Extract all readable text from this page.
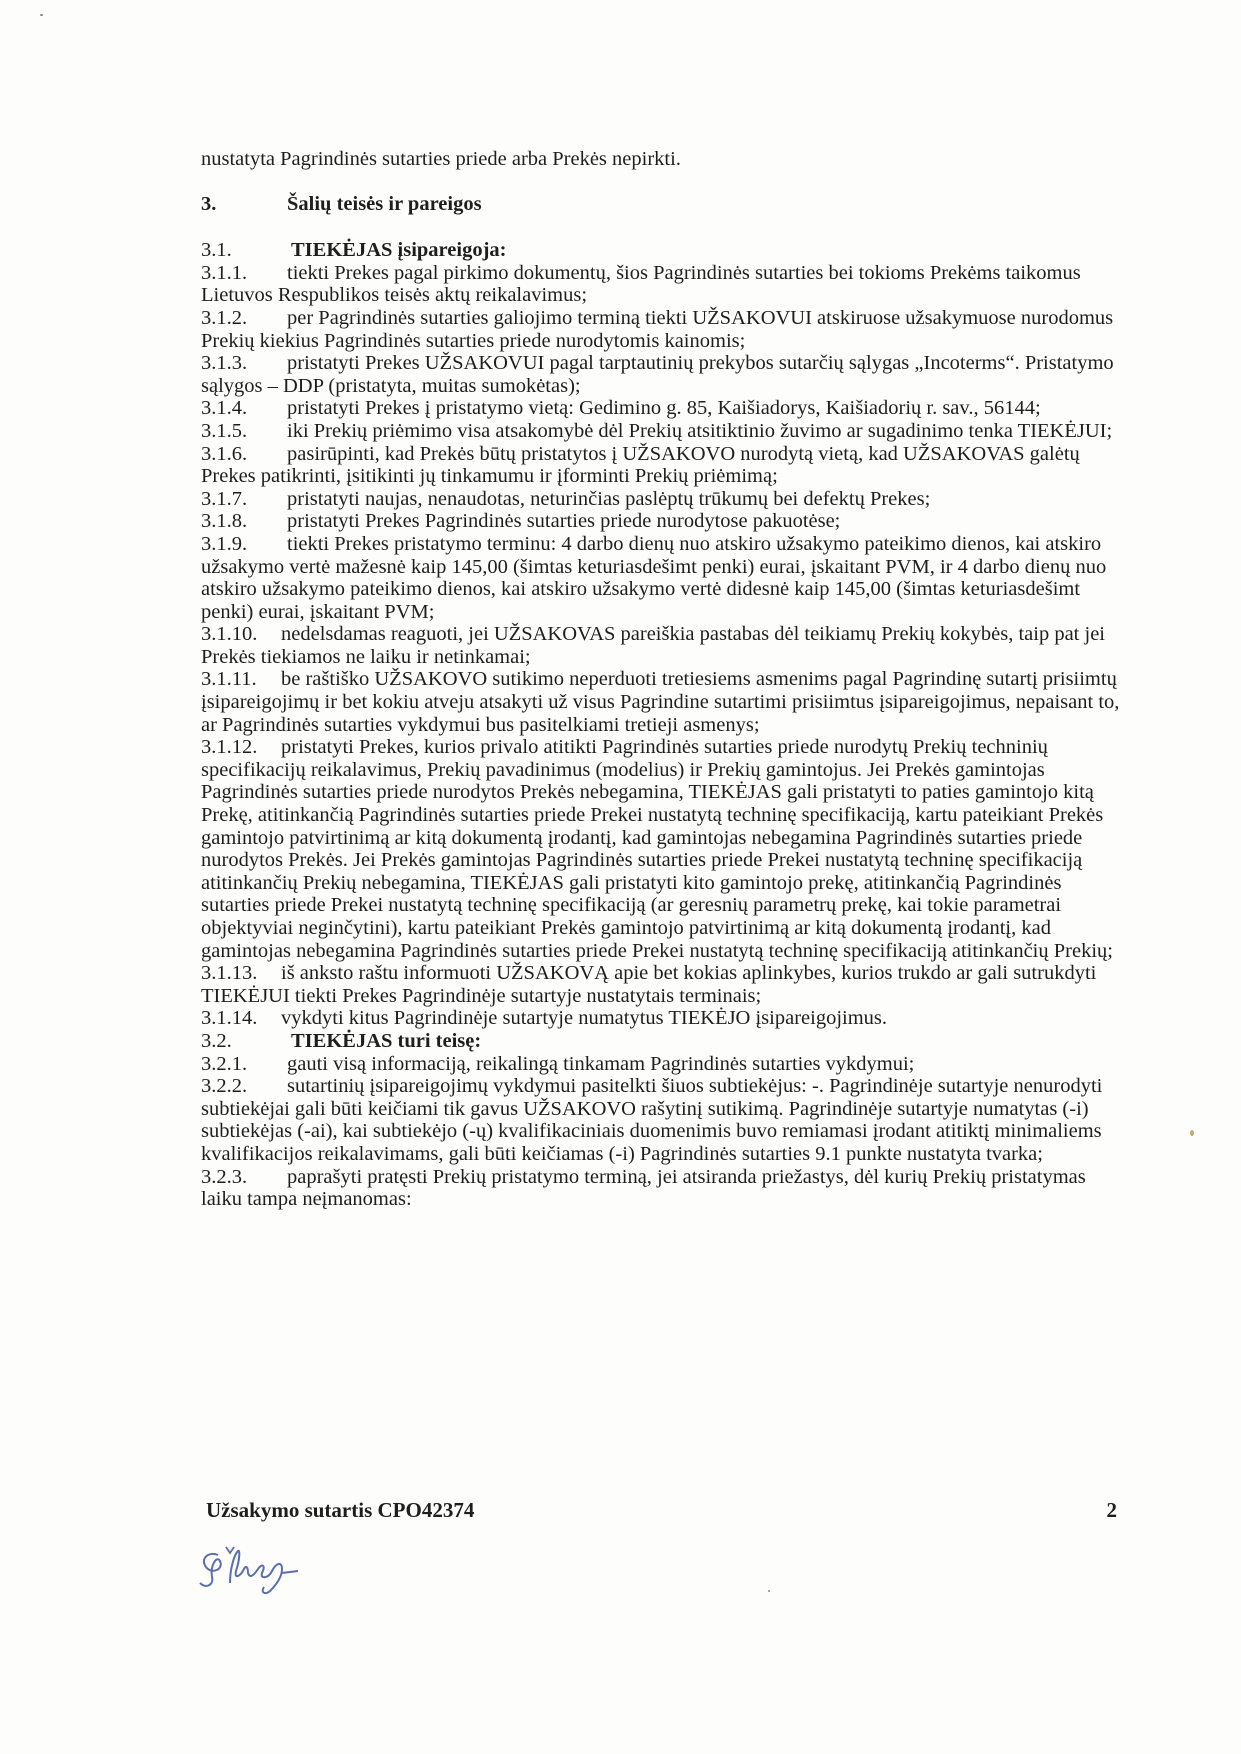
nustatyta Pagrindinės sutarties priede arba Prekės nepirkti.

3.	Šalių teisės ir pareigos
3.1.	TIEKĖJAS įsipareigoja:

3.1.1. tiekti Prekes pagal pirkimo dokumentų, šios Pagrindinės sutarties bei tokioms Prekėms taikomus Lietuvos Respublikos teisės aktų reikalavimus;

3.1.2. per Pagrindinės sutarties galiojimo terminą tiekti UŽSAKOVUI atskiruose užsakymuose nurodomus Prekių kiekius Pagrindinės sutarties priede nurodytomis kainomis;

3.1.3. pristatyti Prekes UŽSAKOVUI pagal tarptautinių prekybos sutarčių sąlygas „Incoterms“. Pristatymo sąlygos – DDP (pristatyta, muitas sumokėtas);

3.1.4. pristatyti Prekes į pristatymo vietą: Gedimino g. 85, Kaišiadorys, Kaišiadorių r. sav., 56144;

3.1.5. iki Prekių priėmimo visa atsakomybė dėl Prekių atsitiktinio žuvimo ar sugadinimo tenka TIEKĖJUI;

3.1.6. pasirūpinti, kad Prekės būtų pristatytos į UŽSAKOVO nurodytą vietą, kad UŽSAKOVAS galėtų Prekes patikrinti, įsitikinti jų tinkamumu ir įforminti Prekių priėmimą;

3.1.7. pristatyti naujas, nenaudotas, neturinčias paslėptų trūkumų bei defektų Prekes;

3.1.8. pristatyti Prekes Pagrindinės sutarties priede nurodytose pakuotėse;

3.1.9. tiekti Prekes pristatymo terminu: 4 darbo dienų nuo atskiro užsakymo pateikimo dienos, kai atskiro užsakymo vertė mažesnė kaip 145,00 (šimtas keturiasdešimt penki) eurai, įskaitant PVM, ir 4 darbo dienų nuo atskiro užsakymo pateikimo dienos, kai atskiro užsakymo vertė didesnė kaip 145,00 (šimtas keturiasdešimt penki) eurai, įskaitant PVM;

3.1.10. nedelsdamas reaguoti, jei UŽSAKOVAS pareiškia pastabas dėl teikiamų Prekių kokybės, taip pat jei Prekės tiekiamos ne laiku ir netinkamai;

3.1.11. be raštiško UŽSAKOVO sutikimo neperduoti tretiesiems asmenims pagal Pagrindinę sutartį prisiimtų įsipareigojimų ir bet kokiu atveju atsakyti už visus Pagrindine sutartimi prisiimtus įsipareigojimus, nepaisant to, ar Pagrindinės sutarties vykdymui bus pasitelkiami tretieji asmenys;

3.1.12. pristatyti Prekes, kurios privalo atitikti Pagrindinės sutarties priede nurodytų Prekių techninių specifikacijų reikalavimus, Prekių pavadinimus (modelius) ir Prekių gamintojus. Jei Prekės gamintojas Pagrindinės sutarties priede nurodytos Prekės nebegamina, TIEKĖJAS gali pristatyti to paties gamintojo kitą Prekę, atitinkančią Pagrindinės sutarties priede Prekei nustatytą techninę specifikaciją, kartu pateikiant Prekės gamintojo patvirtinimą ar kitą dokumentą įrodantį, kad gamintojas nebegamina Pagrindinės sutarties priede nurodytos Prekės. Jei Prekės gamintojas Pagrindinės sutarties priede Prekei nustatytą techninę specifikaciją atitinkančių Prekių nebegamina, TIEKĖJAS gali pristatyti kito gamintojo prekę, atitinkančią Pagrindinės sutarties priede Prekei nustatytą techninę specifikaciją (ar geresnių parametrų prekę, kai tokie parametrai objektyviai neginčytini), kartu pateikiant Prekės gamintojo patvirtinimą ar kitą dokumentą įrodantį, kad gamintojas nebegamina Pagrindinės sutarties priede Prekei nustatytą techninę specifikaciją atitinkančių Prekių;

3.1.13. iš anksto raštu informuoti UŽSAKOVĄ apie bet kokias aplinkybes, kurios trukdo ar gali sutrukdyti TIEKĖJUI tiekti Prekes Pagrindinėje sutartyje nustatytais terminais;

3.1.14. vykdyti kitus Pagrindinėje sutartyje numatytus TIEKĖJO įsipareigojimus.

3.2.	TIEKĖJAS turi teisę:

3.2.1. gauti visą informaciją, reikalingą tinkamam Pagrindinės sutarties vykdymui;

3.2.2. sutartinių įsipareigojimų vykdymui pasitelkti šiuos subtiekėjus: -. Pagrindinėje sutartyje nenurodyti subtiekėjai gali būti keičiami tik gavus UŽSAKOVO rašytinį sutikimą. Pagrindinėje sutartyje numatytas (-i) subtiekėjas (-ai), kai subtiekėjo (-ų) kvalifikaciniais duomenimis buvo remiamasi įrodant atitiktį minimaliems kvalifikacijos reikalavimams, gali būti keičiamas (-i) Pagrindinės sutarties 9.1 punkte nustatyta tvarka;

3.2.3. paprašyti pratęsti Prekių pristatymo terminą, jei atsiranda priežastys, dėl kurių Prekių pristatymas laiku tampa neįmanomas:

Užsakymo sutartis CPO42374	2
